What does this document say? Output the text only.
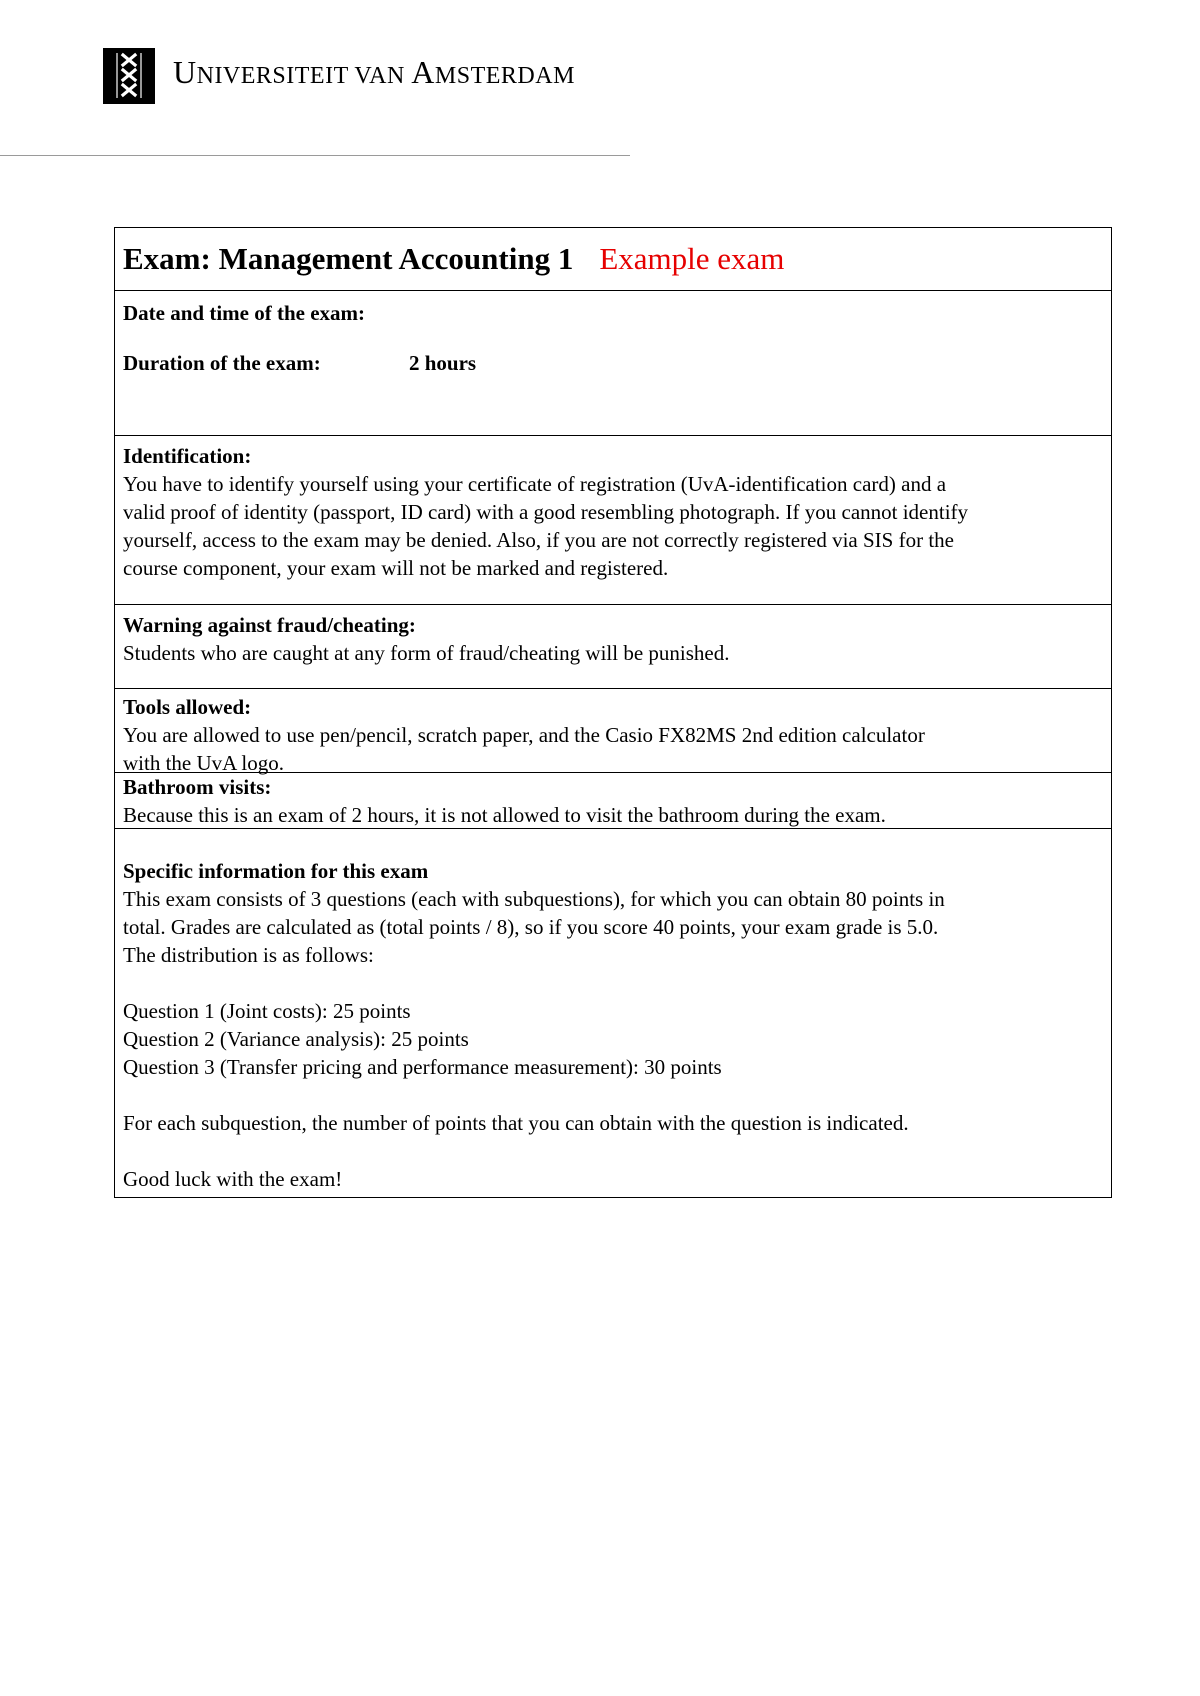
UNIVERSITEIT VAN AMSTERDAM
Exam: Management Accounting 1 Example exam
Date and time of the exam:
Duration of the exam:	2 hours
Identification:
You have to identify yourself using your certificate of registration (UvA-identification card) and a
valid proof of identity (passport, ID card) with a good resembling photograph. If you cannot identify
yourself, access to the exam may be denied. Also, if you are not correctly registered via SIS for the
course component, your exam will not be marked and registered.
Warning against fraud/cheating:
Students who are caught at any form of fraud/cheating will be punished.
Tools allowed:
You are allowed to use pen/pencil, scratch paper, and the Casio FX82MS 2nd edition calculator
with the UvA logo.
Bathroom visits:
Because this is an exam of 2 hours, it is not allowed to visit the bathroom during the exam.
Specific information for this exam
This exam consists of 3 questions (each with subquestions), for which you can obtain 80 points in
total. Grades are calculated as (total points / 8), so if you score 40 points, your exam grade is 5.0.
The distribution is as follows:
Question 1 (Joint costs): 25 points
Question 2 (Variance analysis): 25 points
Question 3 (Transfer pricing and performance measurement): 30 points
For each subquestion, the number of points that you can obtain with the question is indicated.
Good luck with the exam!
